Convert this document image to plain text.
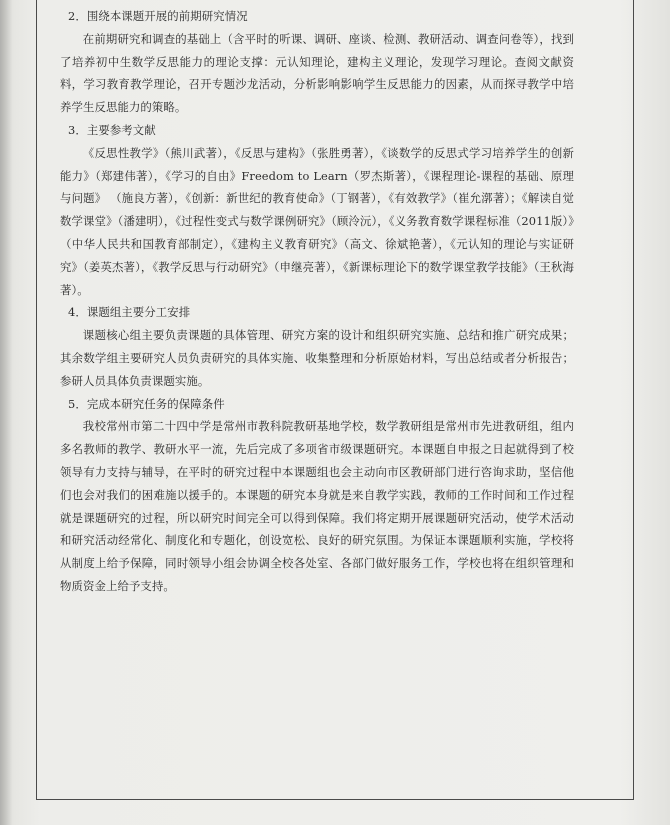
2．围绕本课题开展的前期研究情况

在前期研究和调查的基础上（含平时的听课、调研、座谈、检测、教研活动、调查问卷等），找到了培养初中生数学反思能力的理论支撑：元认知理论，建构主义理论，发现学习理论。查阅文献资料，学习教育教学理论，召开专题沙龙活动，分析影响影响学生反思能力的因素，从而探寻教学中培养学生反思能力的策略。

3．主要参考文献

《反思性教学》（熊川武著），《反思与建构》（张胜勇著），《谈数学的反思式学习培养学生的创新能力》（郑建伟著），《学习的自由》Freedom to Learn（罗杰斯著），《课程理论-课程的基础、原理与问题》 （施良方著），《创新：新世纪的教育使命》（丁钢著），《有效教学》（崔允漷著）；《解读自觉数学课堂》（潘建明），《过程性变式与数学课例研究》（顾泠沅），《义务教育数学课程标准（2011版）》（中华人民共和国教育部制定），《建构主义教育研究》（高文、徐斌艳著），《元认知的理论与实证研究》（姜英杰著），《教学反思与行动研究》（申继亮著），《新课标理论下的数学课堂教学技能》（王秋海著）。

4．课题组主要分工安排

课题核心组主要负责课题的具体管理、研究方案的设计和组织研究实施、总结和推广研究成果；其余数学组主要研究人员负责研究的具体实施、收集整理和分析原始材料，写出总结或者分析报告；参研人员具体负责课题实施。

5．完成本研究任务的保障条件

我校常州市第二十四中学是常州市教科院教研基地学校，数学教研组是常州市先进教研组，组内多名教师的教学、教研水平一流，先后完成了多项省市级课题研究。本课题自申报之日起就得到了校领导有力支持与辅导，在平时的研究过程中本课题组也会主动向市区教研部门进行咨询求助，坚信他们也会对我们的困难施以援手的。本课题的研究本身就是来自教学实践，教师的工作时间和工作过程就是课题研究的过程，所以研究时间完全可以得到保障。我们将定期开展课题研究活动，使学术活动和研究活动经常化、制度化和专题化，创设宽松、良好的研究氛围。为保证本课题顺利实施，学校将从制度上给予保障，同时领导小组会协调全校各处室、各部门做好服务工作，学校也将在组织管理和物质资金上给予支持。
